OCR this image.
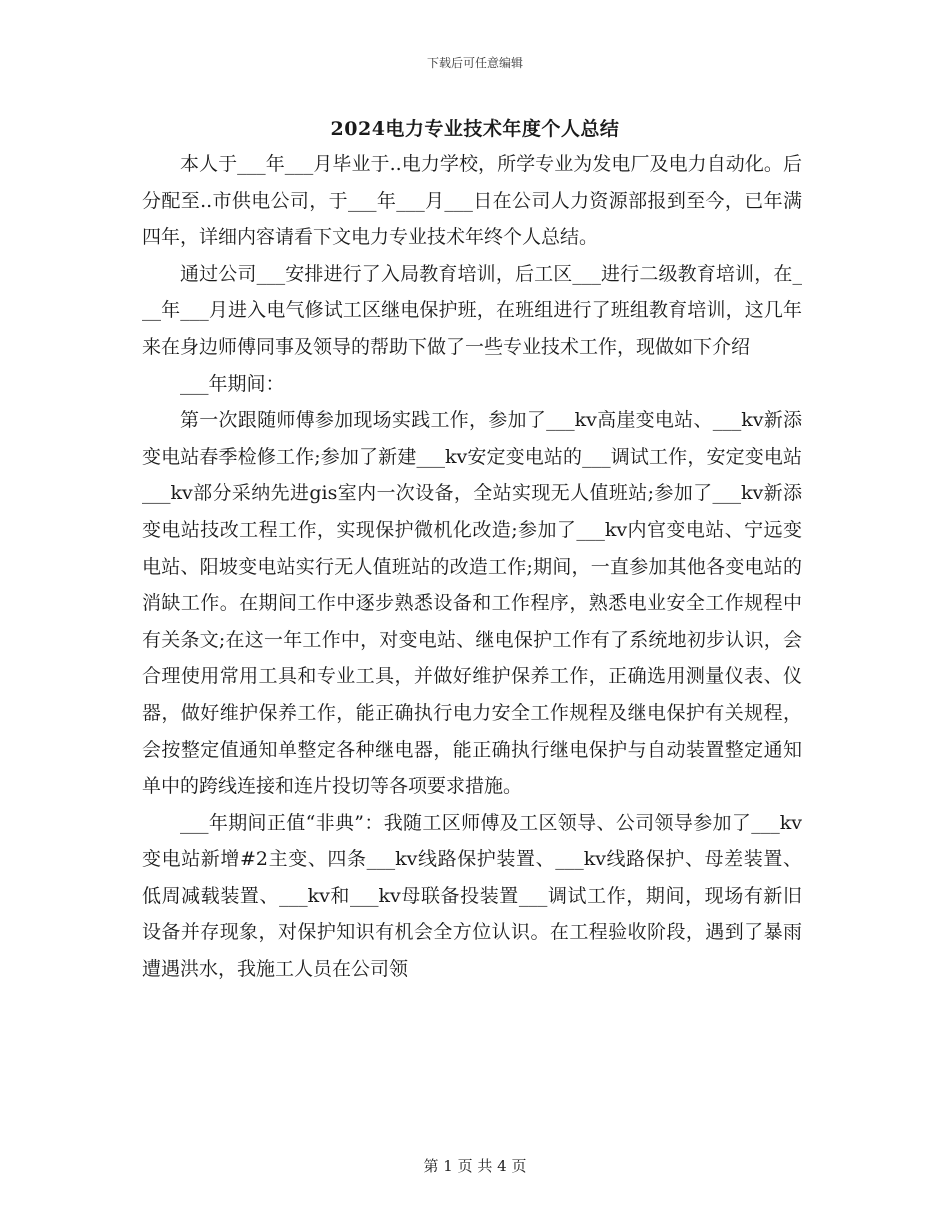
下载后可任意编辑
2024电力专业技术年度个人总结

本人于___年___月毕业于..电力学校，所学专业为发电厂及电力自动化。后分配至..市供电公司，于___年___月___日在公司人力资源部报到至今，已年满四年，详细内容请看下文电力专业技术年终个人总结。

通过公司___安排进行了入局教育培训，后工区___进行二级教育培训，在___年___月进入电气修试工区继电保护班，在班组进行了班组教育培训，这几年来在身边师傅同事及领导的帮助下做了一些专业技术工作，现做如下介绍

___年期间：

第一次跟随师傅参加现场实践工作，参加了___kv高崖变电站、___kv新添变电站春季检修工作;参加了新建___kv安定变电站的___调试工作，安定变电站___kv部分采纳先进gis室内一次设备，全站实现无人值班站;参加了___kv新添变电站技改工程工作，实现保护微机化改造;参加了___kv内官变电站、宁远变电站、阳坡变电站实行无人值班站的改造工作;期间，一直参加其他各变电站的消缺工作。在期间工作中逐步熟悉设备和工作程序，熟悉电业安全工作规程中有关条文;在这一年工作中，对变电站、继电保护工作有了系统地初步认识，会合理使用常用工具和专业工具，并做好维护保养工作，正确选用测量仪表、仪器，做好维护保养工作，能正确执行电力安全工作规程及继电保护有关规程，会按整定值通知单整定各种继电器，能正确执行继电保护与自动装置整定通知单中的跨线连接和连片投切等各项要求措施。

___年期间正值“非典”：我随工区师傅及工区领导、公司领导参加了___kv变电站新增#2主变、四条___kv线路保护装置、___kv线路保护、母差装置、低周减载装置、___kv和___kv母联备投装置___调试工作，期间，现场有新旧设备并存现象，对保护知识有机会全方位认识。在工程验收阶段，遇到了暴雨遭遇洪水，我施工人员在公司领

第 1 页 共 4 页
